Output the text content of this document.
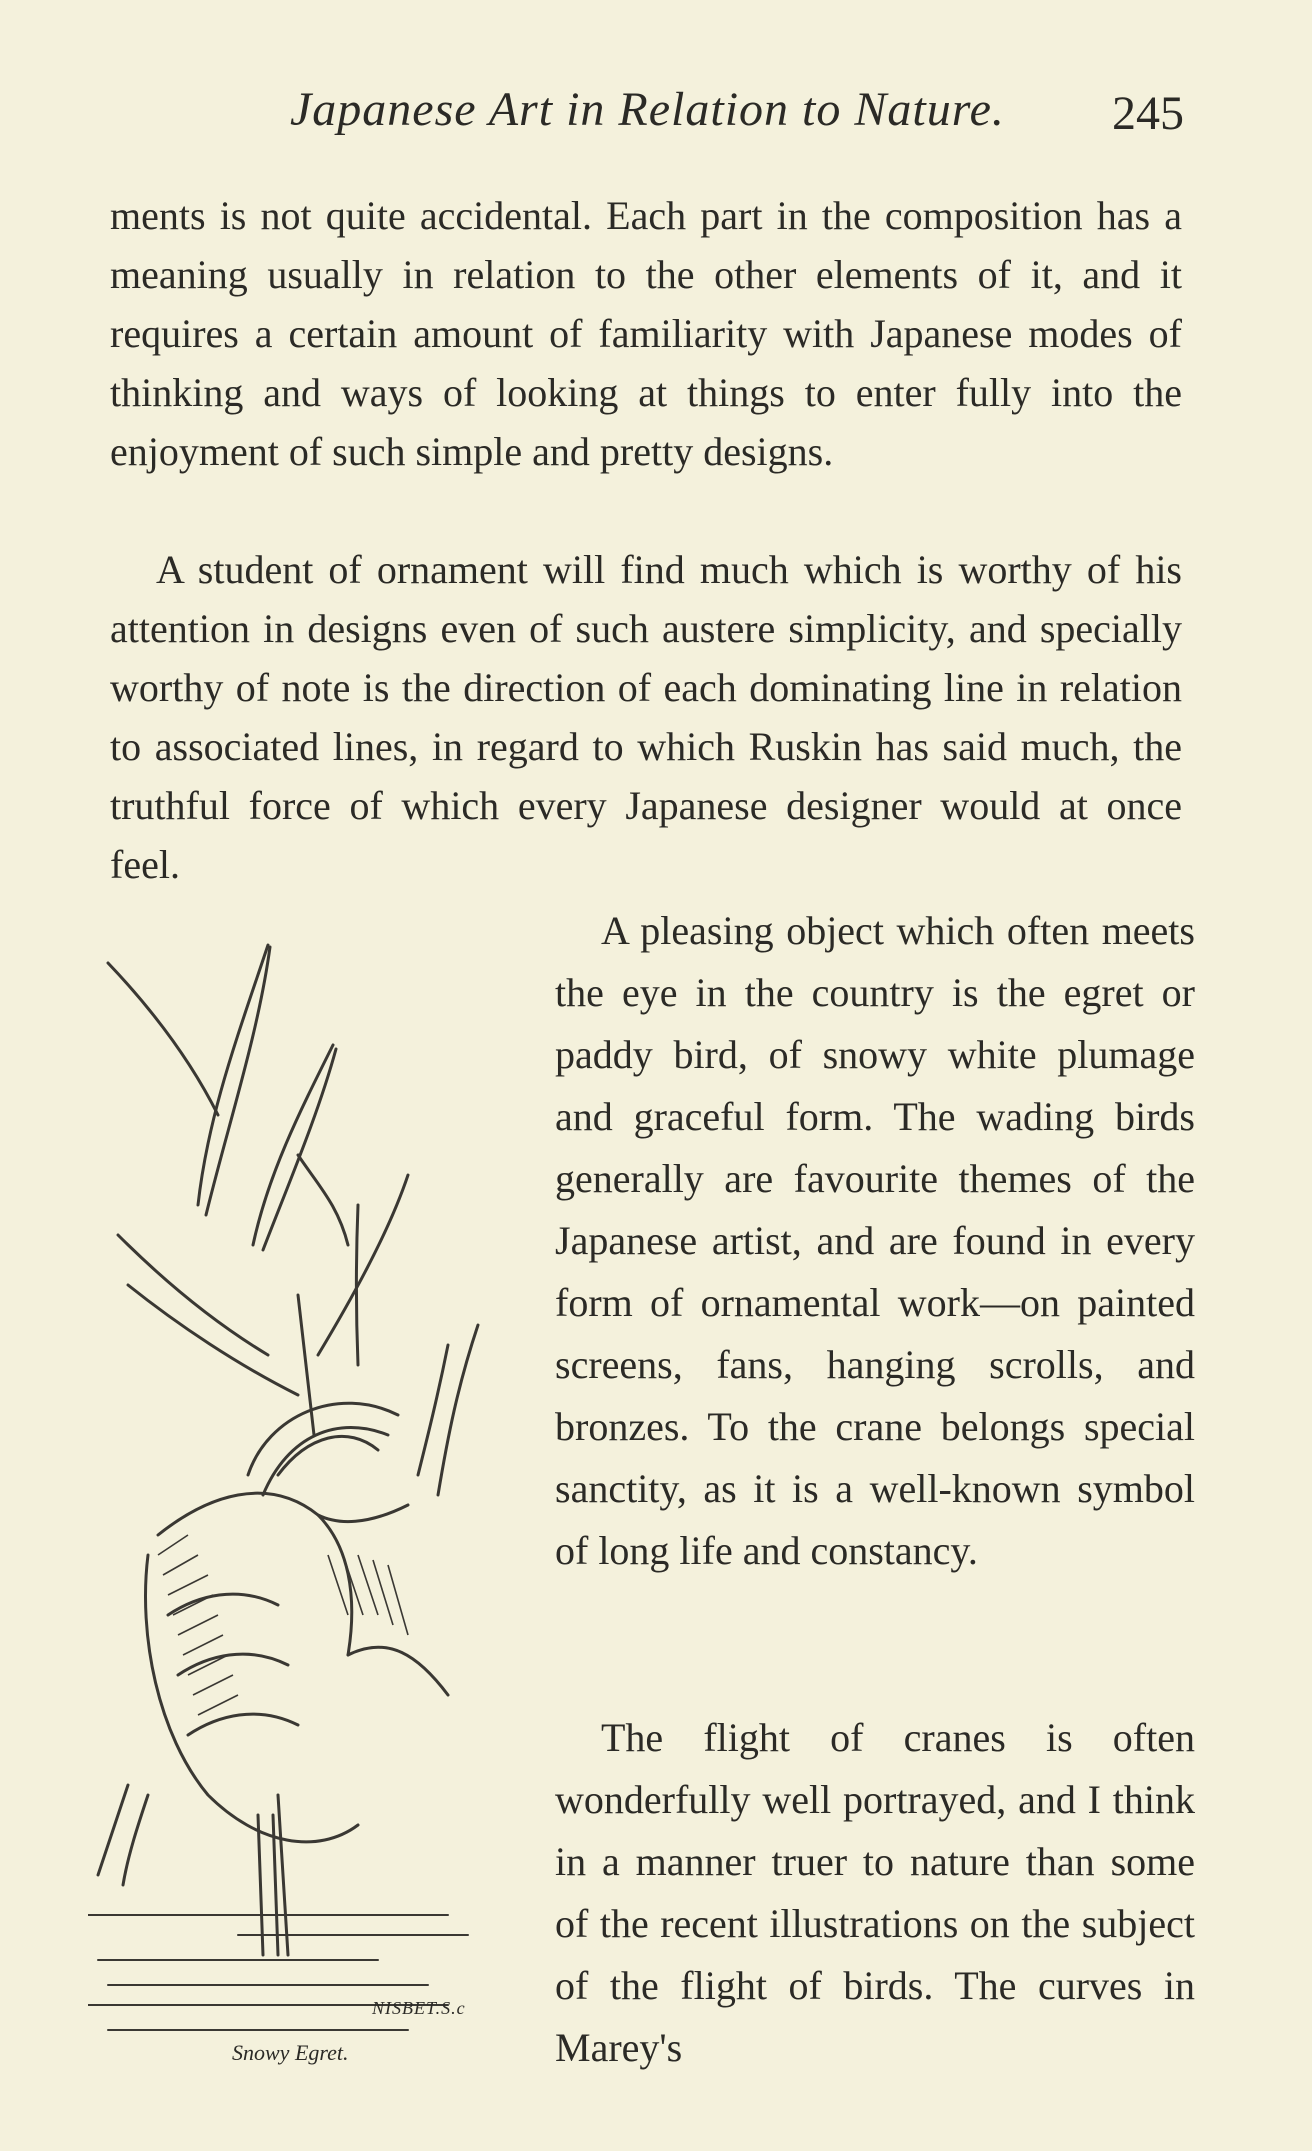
Japanese Art in Relation to Nature. 245
ments is not quite accidental. Each part in the composition has a meaning usually in relation to the other elements of it, and it requires a certain amount of familiarity with Japanese modes of thinking and ways of looking at things to enter fully into the enjoyment of such simple and pretty designs.
A student of ornament will find much which is worthy of his attention in designs even of such austere simplicity, and specially worthy of note is the direction of each dominating line in relation to associated lines, in regard to which Ruskin has said much, the truthful force of which every Japanese designer would at once feel.
A pleasing object which often meets the eye in the country is the egret or paddy bird, of snowy white plumage and graceful form. The wading birds generally are favourite themes of the Japanese artist, and are found in every form of ornamental work—on painted screens, fans, hanging scrolls, and bronzes. To the crane belongs special sanctity, as it is a well-known symbol of long life and constancy.
The flight of cranes is often wonderfully well portrayed, and I think in a manner truer to nature than some of the recent illustrations on the subject of the flight of birds. The curves in Marey's
NISBET.S.c
Snowy Egret.
